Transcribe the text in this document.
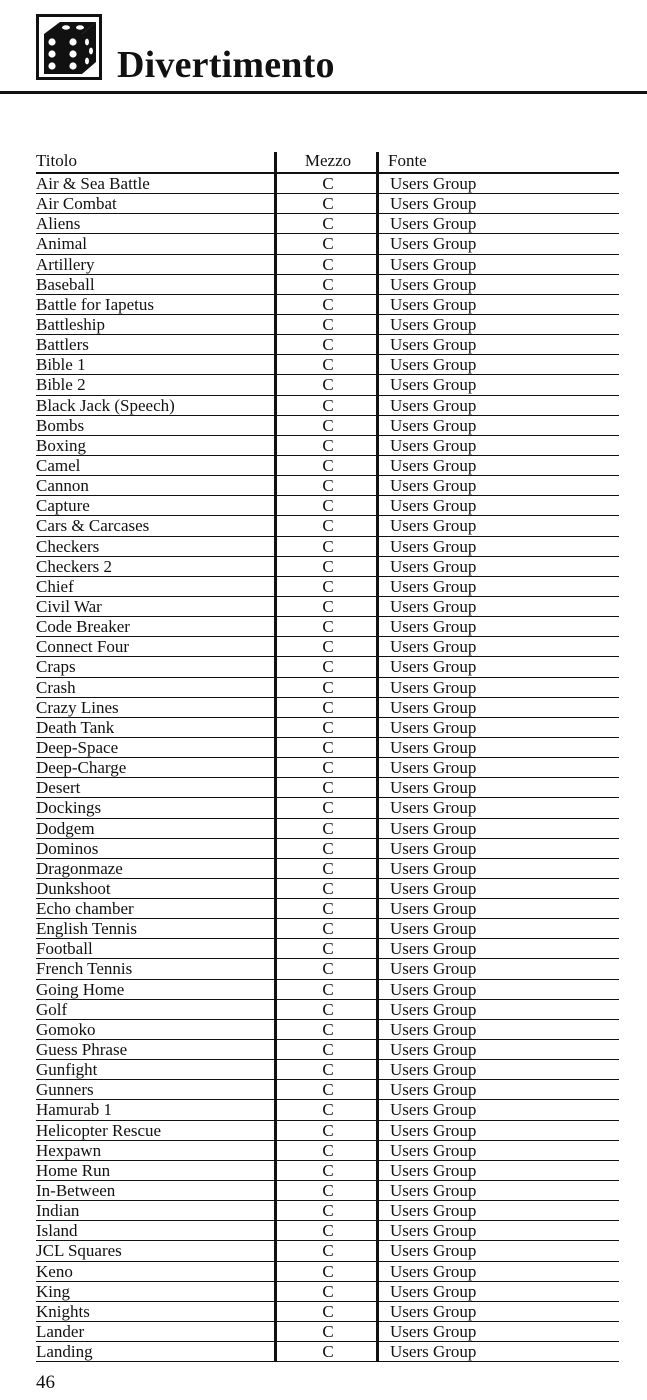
Divertimento
Titolo	Mezzo	Fonte
Air & Sea Battle	C	Users Group
Air Combat	C	Users Group
Aliens	C	Users Group
Animal	C	Users Group
Artillery	C	Users Group
Baseball	C	Users Group
Battle for Iapetus	C	Users Group
Battleship	C	Users Group
Battlers	C	Users Group
Bible 1	C	Users Group
Bible 2	C	Users Group
Black Jack (Speech)	C	Users Group
Bombs	C	Users Group
Boxing	C	Users Group
Camel	C	Users Group
Cannon	C	Users Group
Capture	C	Users Group
Cars & Carcases	C	Users Group
Checkers	C	Users Group
Checkers 2	C	Users Group
Chief	C	Users Group
Civil War	C	Users Group
Code Breaker	C	Users Group
Connect Four	C	Users Group
Craps	C	Users Group
Crash	C	Users Group
Crazy Lines	C	Users Group
Death Tank	C	Users Group
Deep-Space	C	Users Group
Deep-Charge	C	Users Group
Desert	C	Users Group
Dockings	C	Users Group
Dodgem	C	Users Group
Dominos	C	Users Group
Dragonmaze	C	Users Group
Dunkshoot	C	Users Group
Echo chamber	C	Users Group
English Tennis	C	Users Group
Football	C	Users Group
French Tennis	C	Users Group
Going Home	C	Users Group
Golf	C	Users Group
Gomoko	C	Users Group
Guess Phrase	C	Users Group
Gunfight	C	Users Group
Gunners	C	Users Group
Hamurab 1	C	Users Group
Helicopter Rescue	C	Users Group
Hexpawn	C	Users Group
Home Run	C	Users Group
In-Between	C	Users Group
Indian	C	Users Group
Island	C	Users Group
JCL Squares	C	Users Group
Keno	C	Users Group
King	C	Users Group
Knights	C	Users Group
Lander	C	Users Group
Landing	C	Users Group
46
